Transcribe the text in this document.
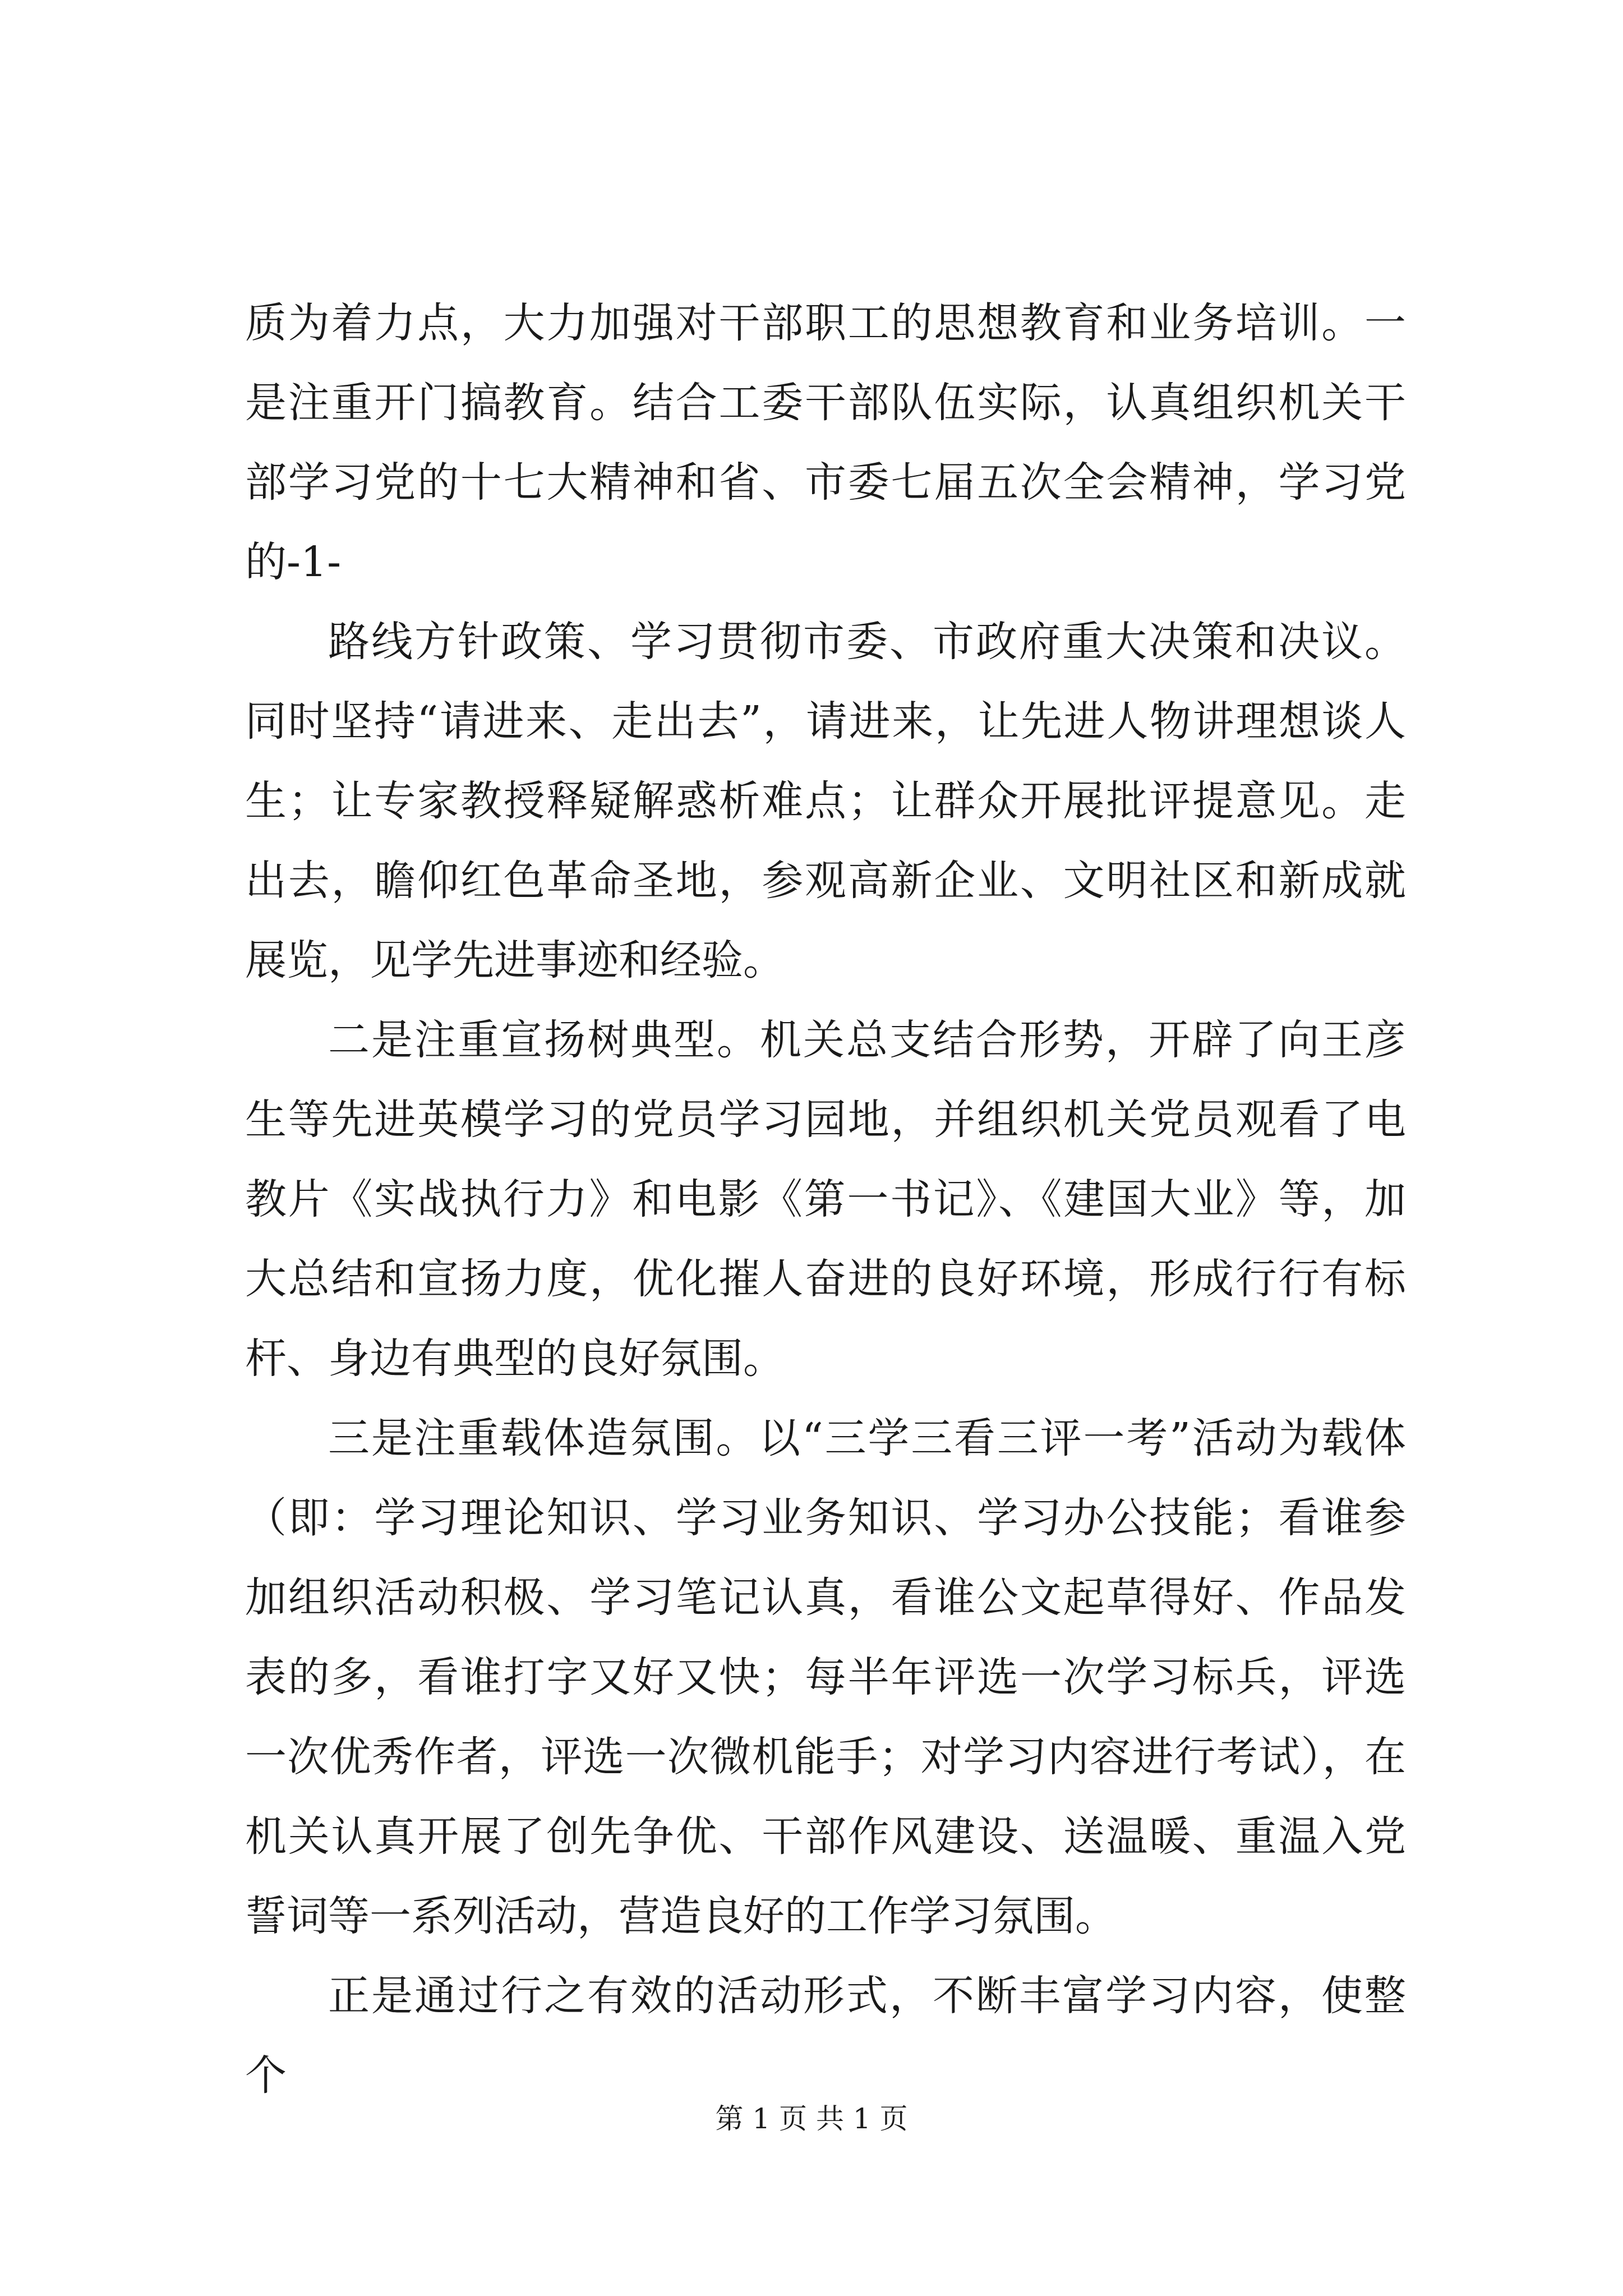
质为着力点，大力加强对干部职工的思想教育和业务培训。一是注重开门搞教育。结合工委干部队伍实际，认真组织机关干部学习党的十七大精神和省、市委七届五次全会精神，学习党的-1-

路线方针政策、学习贯彻市委、市政府重大决策和决议。同时坚持“请进来、走出去”，请进来，让先进人物讲理想谈人生；让专家教授释疑解惑析难点；让群众开展批评提意见。走出去，瞻仰红色革命圣地，参观高新企业、文明社区和新成就展览，见学先进事迹和经验。

二是注重宣扬树典型。机关总支结合形势，开辟了向王彦生等先进英模学习的党员学习园地，并组织机关党员观看了电教片《实战执行力》和电影《第一书记》、《建国大业》等，加大总结和宣扬力度，优化摧人奋进的良好环境，形成行行有标杆、身边有典型的良好氛围。

三是注重载体造氛围。以“三学三看三评一考”活动为载体（即：学习理论知识、学习业务知识、学习办公技能；看谁参加组织活动积极、学习笔记认真，看谁公文起草得好、作品发表的多，看谁打字又好又快；每半年评选一次学习标兵，评选一次优秀作者，评选一次微机能手；对学习内容进行考试），在机关认真开展了创先争优、干部作风建设、送温暖、重温入党誓词等一系列活动，营造良好的工作学习氛围。

正是通过行之有效的活动形式，不断丰富学习内容，使整个

第 1 页 共 1 页
